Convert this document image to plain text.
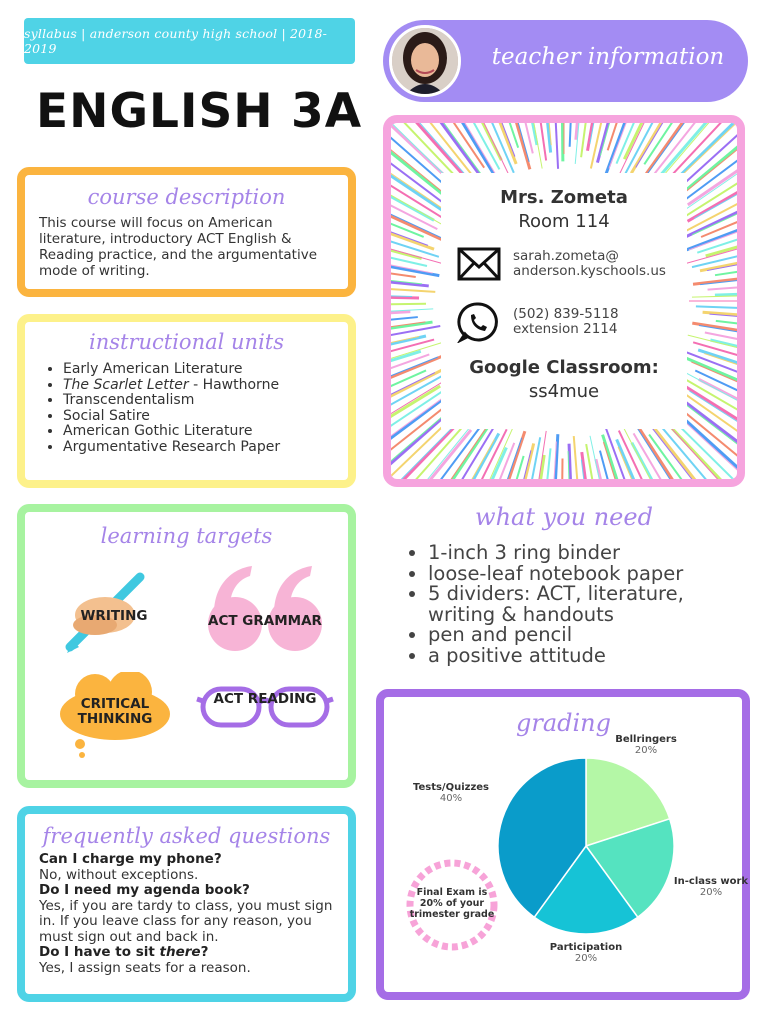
syllabus | anderson county high school | 2018-2019
ENGLISH 3A
course description
This course will focus on American literature, introductory ACT English & Reading practice, and the argumentative mode of writing.
instructional units
• Early American Literature
• The Scarlet Letter - Hawthorne
• Transcendentalism
• Social Satire
• American Gothic Literature
• Argumentative Research Paper
learning targets
WRITING	ACT GRAMMAR
CRITICAL THINKING
ACT READING
frequently asked questions
Can I charge my phone?
No, without exceptions.
Do I need my agenda book?
Yes, if you are tardy to class, you must sign in. If you leave class for any reason, you must sign out and back in.
Do I have to sit there?
Yes, I assign seats for a reason.
teacher information
Mrs. Zometa
Room 114
sarah.zometa@
anderson.kyschools.us
(502) 839-5118
extension 2114
Google Classroom:
ss4mue
what you need
• 1-inch 3 ring binder
• loose-leaf notebook paper
• 5 dividers: ACT, literature, writing & handouts
• pen and pencil
• a positive attitude
grading
Bellringers
20%
In-class work
20%
Participation
20%
Tests/Quizzes
40%
Final Exam is 20% of your trimester grade
